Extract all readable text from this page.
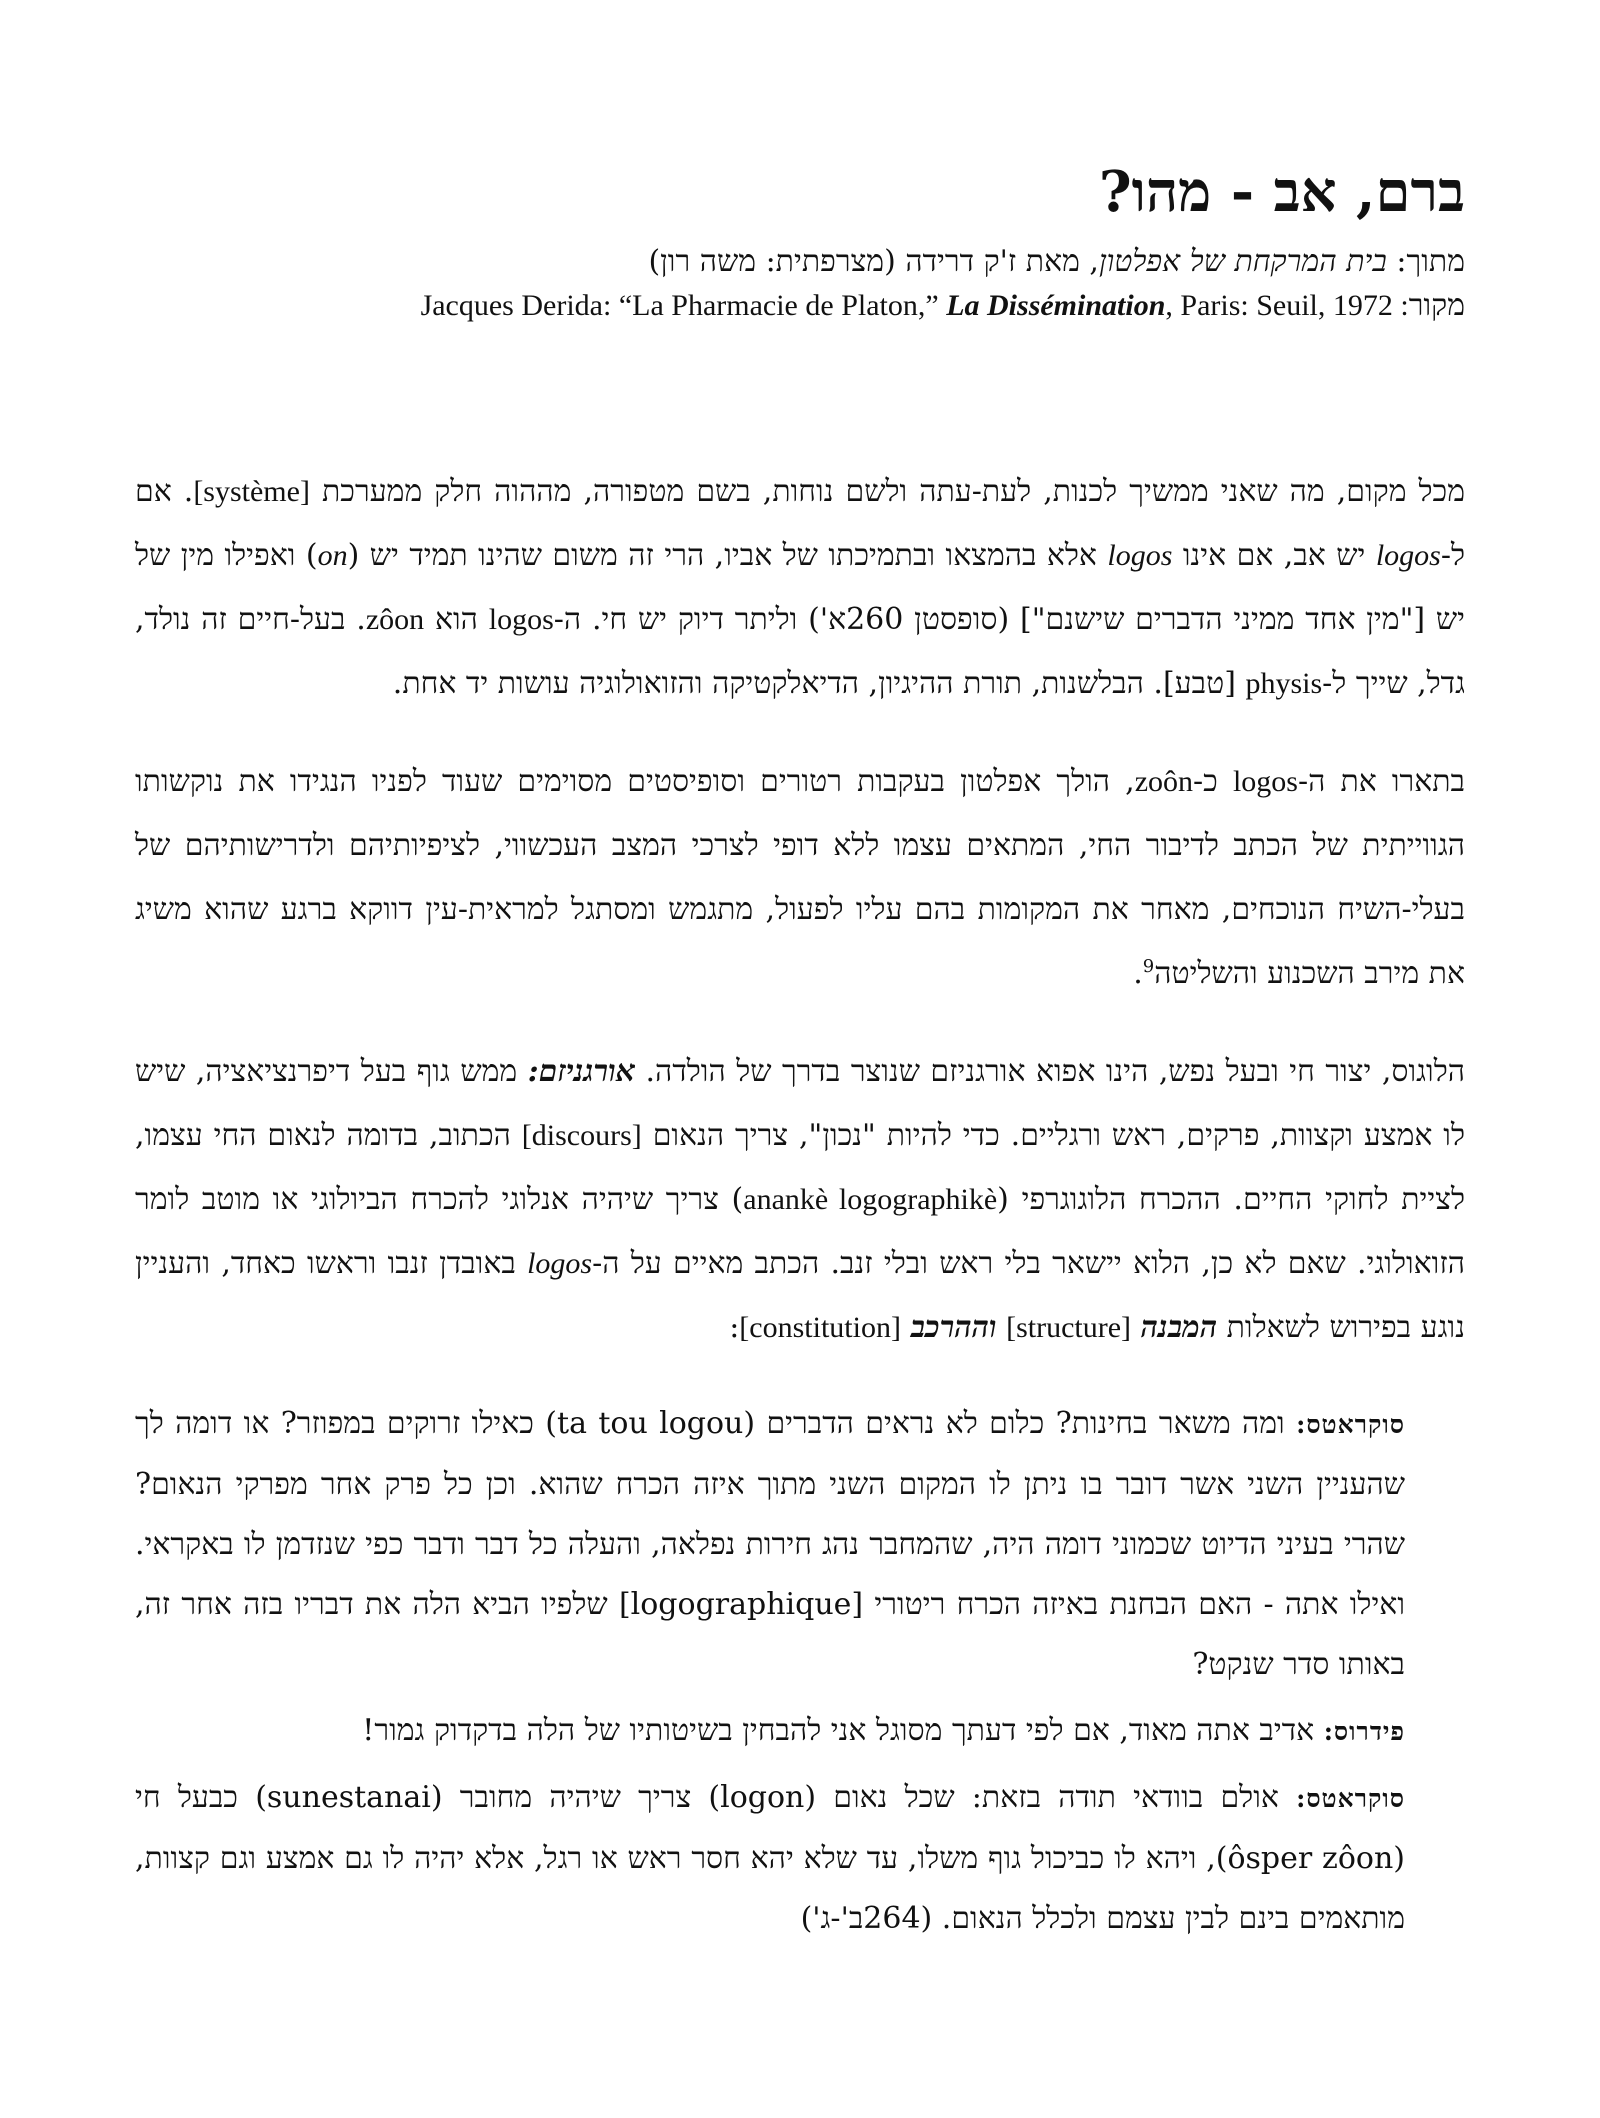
ברם, אב - מהו?

מתוך: בית המרקחת של אפלטון, מאת ז'ק דרידה (מצרפתית: משה רון)

מקור: Jacques Derida: “La Pharmacie de Platon,” La Dissémination, Paris: Seuil, 1972

מכל מקום, מה שאני ממשיך לכנות, לעת-עתה ולשם נוחות, בשם מטפורה, מההוה חלק ממערכת [système]. אם ל-logos יש אב, אם אינו logos אלא בהמצאו ובתמיכתו של אביו, הרי זה משום שהינו תמיד יש (on) ואפילו מין של יש ["מין אחד ממיני הדברים שישנם"] (סופסטן 260א') וליתר דיוק יש חי. ה-logos הוא zôon. בעל-חיים זה נולד, גדל, שייך ל-physis [טבע]. הבלשנות, תורת ההיגיון, הדיאלקטיקה והזואולוגיה עושות יד אחת.

בתארו את ה-logos כ-zoôn, הולך אפלטון בעקבות רטורים וסופיסטים מסוימים שעוד לפניו הנגידו את נוקשותו הגווייתית של הכתב לדיבור החי, המתאים עצמו ללא דופי לצרכי המצב העכשווי, לציפיותיהם ולדרישותיהם של בעלי-השיח הנוכחים, מאחר את המקומות בהם עליו לפעול, מתגמש ומסתגל למראית-עין דווקא ברגע שהוא משיג את מירב השכנוע והשליטה$^9$.

הלוגוס, יצור חי ובעל נפש, הינו אפוא אורגניזם שנוצר בדרך של הולדה. אורגניזם: ממש גוף בעל דיפרנציאציה, שיש לו אמצע וקצוות, פרקים, ראש ורגליים. כדי להיות "נכון", צריך הנאום [discours] הכתוב, בדומה לנאום החי עצמו, לציית לחוקי החיים. ההכרח הלוגוגרפי (anankè logographikè) צריך שיהיה אנלוגי להכרח הביולוגי או מוטב לומר הזואולוגי. שאם לא כן, הלוא יישאר בלי ראש ובלי זנב. הכתב מאיים על ה-logos באובדן זנבו וראשו כאחד, והעניין נוגע בפירוש לשאלות המבנה [structure] וההרכב [constitution]:

סוקראטס: ומה משאר בחינות? כלום לא נראים הדברים (ta tou logou) כאילו זרוקים במפוזר? או דומה לך שהעניין השני אשר דובר בו ניתן לו המקום השני מתוך איזה הכרח שהוא. וכן כל פרק אחר מפרקי הנאום? שהרי בעיני הדיוט שכמוני דומה היה, שהמחבר נהג חירות נפלאה, והעלה כל דבר ודבר כפי שנזדמן לו באקראי. ואילו אתה - האם הבחנת באיזה הכרח ריטורי [logographique] שלפיו הביא הלה את דבריו בזה אחר זה, באותו סדר שנקט?

פידרוס: אדיב אתה מאוד, אם לפי דעתך מסוגל אני להבחין בשיטותיו של הלה בדקדוק גמור!

סוקראטס: אולם בוודאי תודה בזאת: שכל נאום (logon) צריך שיהיה מחובר (sunestanai) כבעל חי (ôsper zôon), ויהא לו כביכול גוף משלו, עד שלא יהא חסר ראש או רגל, אלא יהיה לו גם אמצע וגם קצוות, מותאמים בינם לבין עצמם ולכלל הנאום. (264ב'-ג')
